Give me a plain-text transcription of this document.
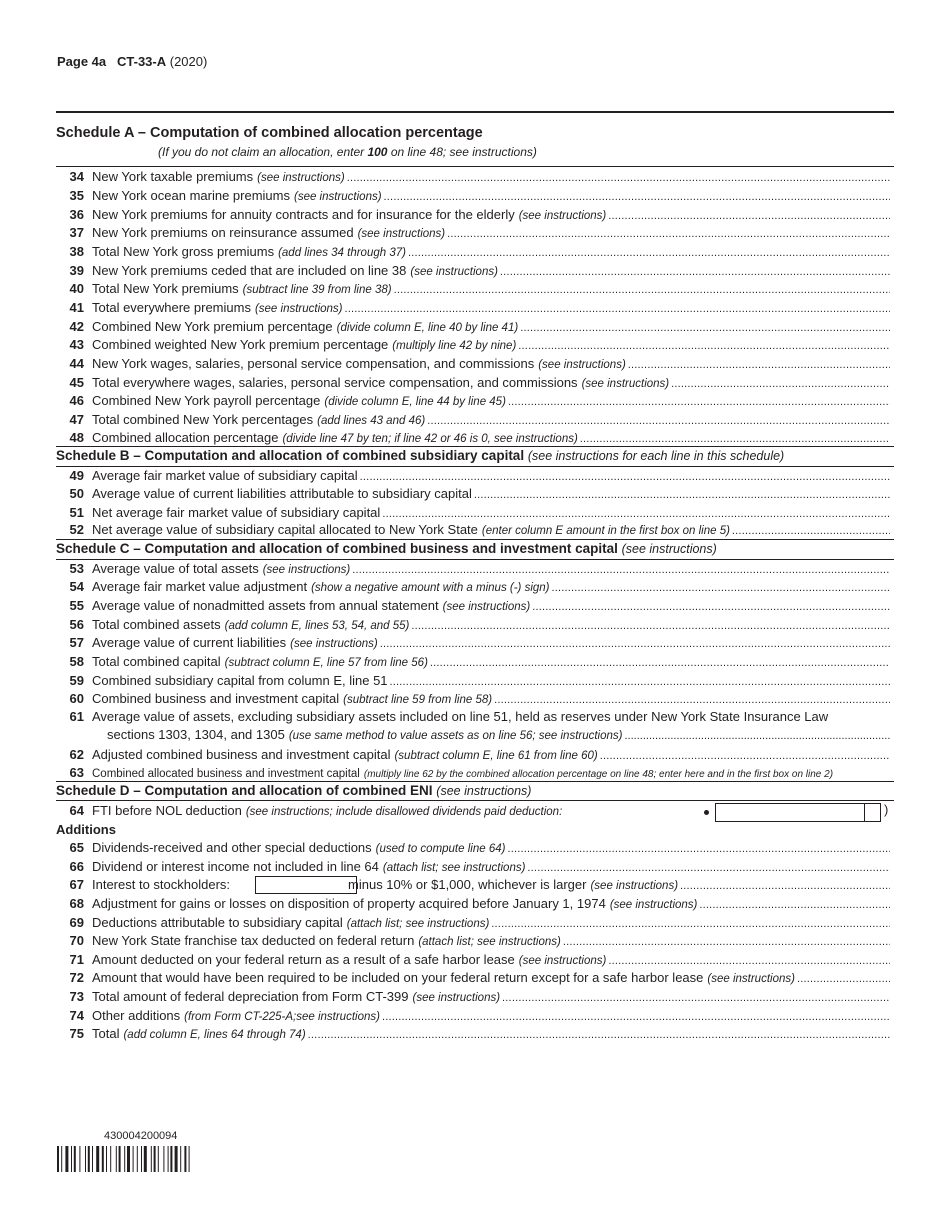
Page 4a CT-33-A (2020)
Schedule A – Computation of combined allocation percentage
(If you do not claim an allocation, enter 100 on line 48; see instructions)
34 New York taxable premiums (see instructions)
.....
35 New York ocean marine premiums (see instructions)
.....
36 New York premiums for annuity contracts and for insurance for the elderly (see instructions)
.....
37 New York premiums on reinsurance assumed (see instructions)
.....
38 Total New York gross premiums (add lines 34 through 37)
.....
39 New York premiums ceded that are included on line 38 (see instructions)
.....
40 Total New York premiums (subtract line 39 from line 38)
.....
41 Total everywhere premiums (see instructions)
.....
42 Combined New York premium percentage (divide column E, line 40 by line 41)
.....
43 Combined weighted New York premium percentage (multiply line 42 by nine)
.....
44 New York wages, salaries, personal service compensation, and commissions (see instructions)
.....
45 Total everywhere wages, salaries, personal service compensation, and commissions (see instructions)
.....
46 Combined New York payroll percentage (divide column E, line 44 by line 45)
.....
47 Total combined New York percentages (add lines 43 and 46)
.....
48 Combined allocation percentage (divide line 47 by ten; if line 42 or 46 is 0, see instructions)
.....
49 Average fair market value of subsidiary capital
.....
50 Average value of current liabilities attributable to subsidiary capital
.....
51 Net average fair market value of subsidiary capital
.....
52 Net average value of subsidiary capital allocated to New York State (enter column E amount in the first box on line 5)
.....
53 Average value of total assets (see instructions)
.....
54 Average fair market value adjustment (show a negative amount with a minus (-) sign)
.....
55 Average value of nonadmitted assets from annual statement (see instructions)
.....
56 Total combined assets (add column E, lines 53, 54, and 55)
.....
57 Average value of current liabilities (see instructions)
.....
58 Total combined capital (subtract column E, line 57 from line 56)
.....
59 Combined subsidiary capital from column E, line 51
.....
60 Combined business and investment capital (subtract line 59 from line 58)
.....
61 Average value of assets, excluding subsidiary assets included on line 51, held as reserves under New York State Insurance Law
62 Adjusted combined business and investment capital (subtract column E, line 61 from line 60)
.....
63 Combined allocated business and investment capital (multiply line 62 by the combined allocation percentage on line 48; enter here and in the first box on line 2)
64 FTI before NOL deduction (see instructions; include disallowed dividends paid deduction:
65 Dividends-received and other special deductions (used to compute line 64)
.....
66 Dividend or interest income not included in line 64 (attach list; see instructions)
.....
67 Interest to stockholders:	minus 10% or $1,000, whichever is larger (see instructions)
.....
68 Adjustment for gains or losses on disposition of property acquired before January 1, 1974 (see instructions)
.....
69 Deductions attributable to subsidiary capital (attach list; see instructions)
.....
70 New York State franchise tax deducted on federal return (attach list; see instructions)
.....
71 Amount deducted on your federal return as a result of a safe harbor lease (see instructions)
.....
72 Amount that would have been required to be included on your federal return except for a safe harbor lease (see instructions)
.....
73 Total amount of federal depreciation from Form CT-399 (see instructions)
.....
74 Other additions (from Form CT-225-A;see instructions)
.....
75 Total (add column E, lines 64 through 74)
.....
Schedule B – Computation and allocation of combined subsidiary capital (see instructions for each line in this schedule)
Schedule C – Computation and allocation of combined business and investment capital (see instructions)
sections 1303, 1304, and 1305 (use same method to value assets as on line 56; see instructions)
.....
Schedule D – Computation and allocation of combined ENI (see instructions)
)
Additions
430004200094
